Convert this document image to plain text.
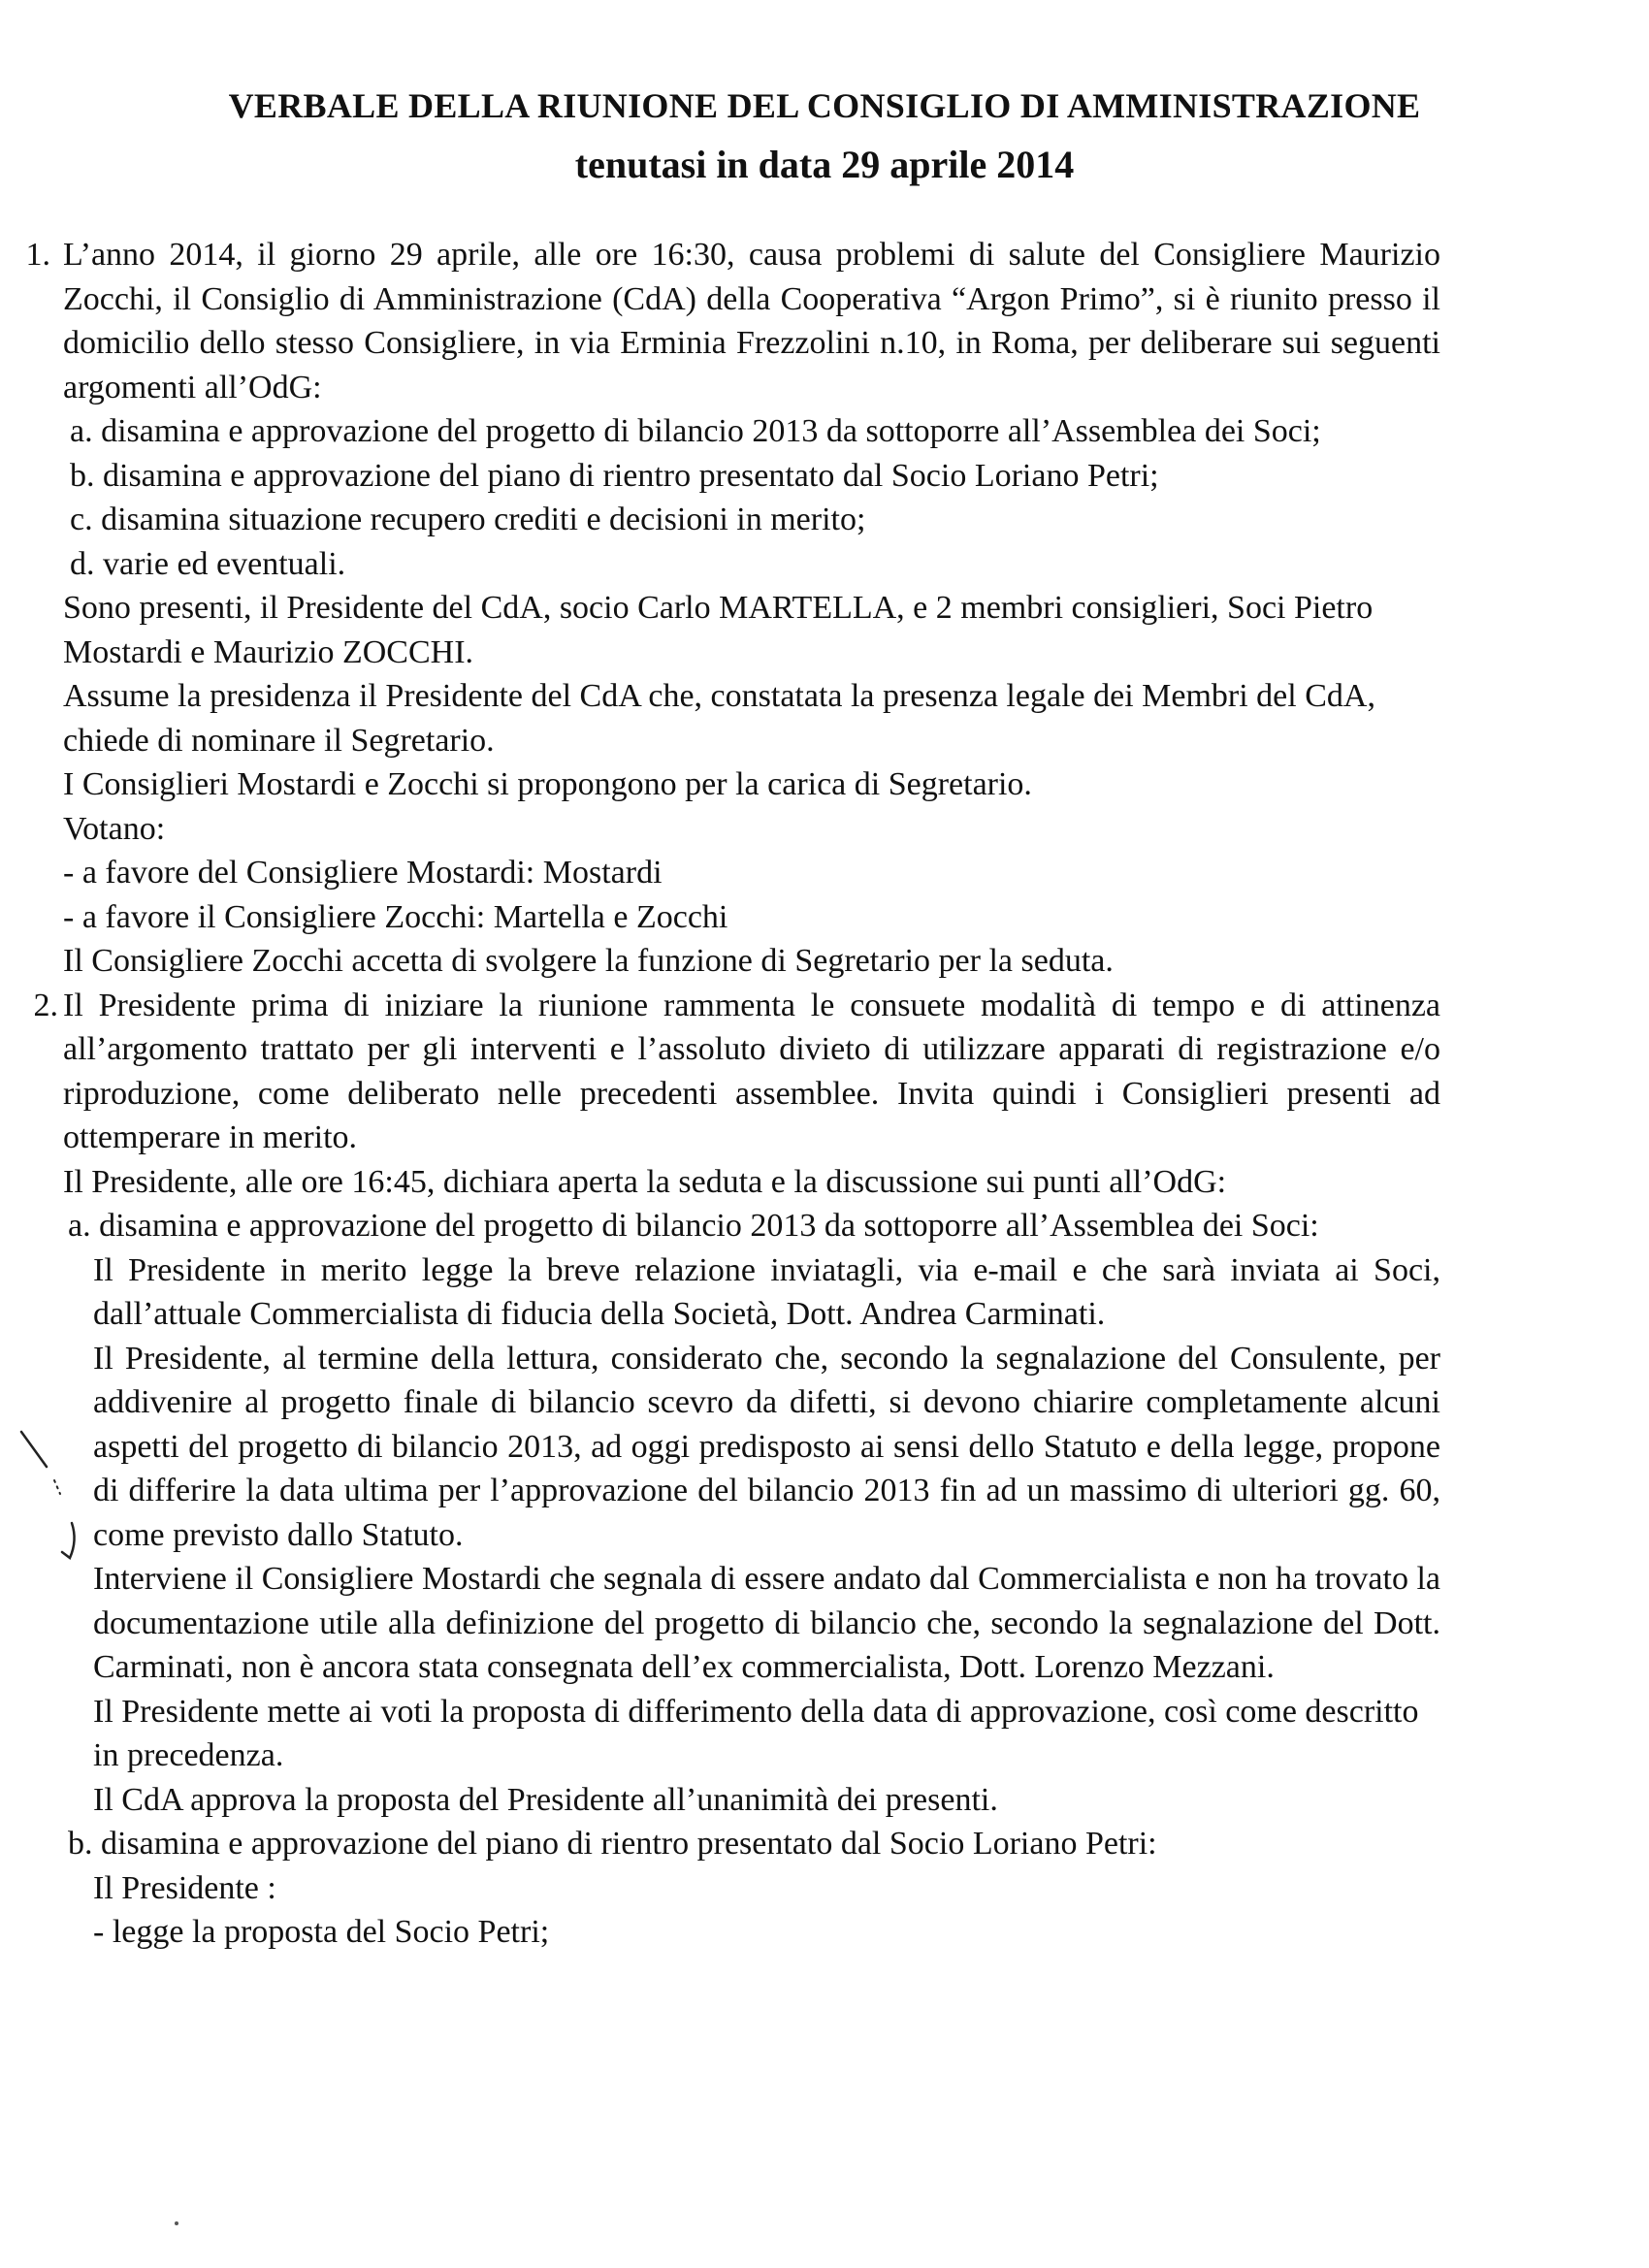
VERBALE DELLA RIUNIONE DEL CONSIGLIO DI AMMINISTRAZIONE
tenutasi in data 29 aprile 2014
1. L’anno 2014, il giorno 29 aprile, alle ore 16:30, causa problemi di salute del Consigliere Maurizio Zocchi, il Consiglio di Amministrazione (CdA) della Cooperativa “Argon Primo”, si è riunito presso il domicilio dello stesso Consigliere, in via Erminia Frezzolini n.10, in Roma, per deliberare sui seguenti argomenti all’OdG:
a. disamina e approvazione del progetto di bilancio 2013 da sottoporre all’Assemblea dei Soci;
b. disamina e approvazione del piano di rientro presentato dal Socio Loriano Petri;
c. disamina situazione recupero crediti e decisioni in merito;
d. varie ed eventuali.
Sono presenti, il Presidente del CdA, socio Carlo MARTELLA, e 2 membri consiglieri, Soci Pietro Mostardi e Maurizio ZOCCHI.
Assume la presidenza il Presidente del CdA che, constatata la presenza legale dei Membri del CdA, chiede di nominare il Segretario.
I Consiglieri Mostardi e Zocchi si propongono per la carica di Segretario.
Votano:
- a favore del Consigliere Mostardi: Mostardi
- a favore il Consigliere Zocchi: Martella e Zocchi
Il Consigliere Zocchi accetta di svolgere la funzione di Segretario per la seduta.
2. Il Presidente prima di iniziare la riunione rammenta le consuete modalità di tempo e di attinenza all’argomento trattato per gli interventi e l’assoluto divieto di utilizzare apparati di registrazione e/o riproduzione, come deliberato nelle precedenti assemblee. Invita quindi i Consiglieri presenti ad ottemperare in merito.
Il Presidente, alle ore 16:45, dichiara aperta la seduta e la discussione sui punti all’OdG:
a. disamina e approvazione del progetto di bilancio 2013 da sottoporre all’Assemblea dei Soci:
Il Presidente in merito legge la breve relazione inviatagli, via e-mail e che sarà inviata ai Soci, dall’attuale Commercialista di fiducia della Società, Dott. Andrea Carminati.
Il Presidente, al termine della lettura, considerato che, secondo la segnalazione del Consulente, per addivenire al progetto finale di bilancio scevro da difetti, si devono chiarire completamente alcuni aspetti del progetto di bilancio 2013, ad oggi predisposto ai sensi dello Statuto e della legge, propone di differire la data ultima per l’approvazione del bilancio 2013 fin ad un massimo di ulteriori gg. 60, come previsto dallo Statuto.
Interviene il Consigliere Mostardi che segnala di essere andato dal Commercialista e non ha trovato la documentazione utile alla definizione del progetto di bilancio che, secondo la segnalazione del Dott. Carminati, non è ancora stata consegnata dell’ex commercialista, Dott. Lorenzo Mezzani.
Il Presidente mette ai voti la proposta di differimento della data di approvazione, così come descritto in precedenza.
Il CdA approva la proposta del Presidente all’unanimità dei presenti.
b. disamina e approvazione del piano di rientro presentato dal Socio Loriano Petri:
Il Presidente :
- legge la proposta del Socio Petri;
